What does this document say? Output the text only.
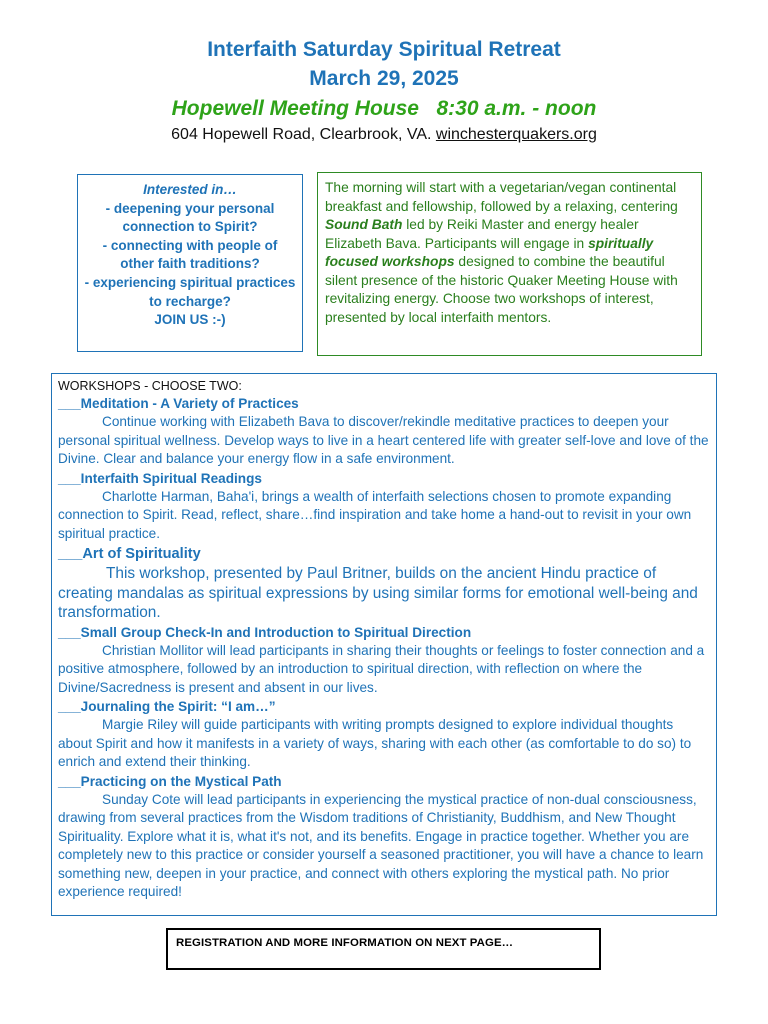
Interfaith Saturday Spiritual Retreat
March 29, 2025
Hopewell Meeting House   8:30 a.m. - noon
604 Hopewell Road, Clearbrook, VA. winchesterquakers.org
Interested in…
- deepening your personal connection to Spirit?
- connecting with people of other faith traditions?
- experiencing spiritual practices to recharge?
JOIN US :-)
The morning will start with a vegetarian/vegan continental breakfast and fellowship, followed by a relaxing, centering Sound Bath led by Reiki Master and energy healer Elizabeth Bava. Participants will engage in spiritually focused workshops designed to combine the beautiful silent presence of the historic Quaker Meeting House with revitalizing energy. Choose two workshops of interest, presented by local interfaith mentors.
WORKSHOPS - CHOOSE TWO:
___Meditation - A Variety of Practices
Continue working with Elizabeth Bava to discover/rekindle meditative practices to deepen your personal spiritual wellness. Develop ways to live in a heart centered life with greater self-love and love of the Divine. Clear and balance your energy flow in a safe environment.
___Interfaith Spiritual Readings
Charlotte Harman, Baha'i, brings a wealth of interfaith selections chosen to promote expanding connection to Spirit. Read, reflect, share…find inspiration and take home a hand-out to revisit in your own spiritual practice.
___Art of Spirituality
This workshop, presented by Paul Britner, builds on the ancient Hindu practice of creating mandalas as spiritual expressions by using similar forms for emotional well-being and transformation.
___Small Group Check-In and Introduction to Spiritual Direction
Christian Mollitor will lead participants in sharing their thoughts or feelings to foster connection and a positive atmosphere, followed by an introduction to spiritual direction, with reflection on where the Divine/Sacredness is present and absent in our lives.
___Journaling the Spirit: “I am…”
Margie Riley will guide participants with writing prompts designed to explore individual thoughts about Spirit and how it manifests in a variety of ways, sharing with each other (as comfortable to do so) to enrich and extend their thinking.
___Practicing on the Mystical Path
Sunday Cote will lead participants in experiencing the mystical practice of non-dual consciousness, drawing from several practices from the Wisdom traditions of Christianity, Buddhism, and New Thought Spirituality. Explore what it is, what it's not, and its benefits. Engage in practice together. Whether you are completely new to this practice or consider yourself a seasoned practitioner, you will have a chance to learn something new, deepen in your practice, and connect with others exploring the mystical path. No prior experience required!
REGISTRATION AND MORE INFORMATION ON NEXT PAGE…
